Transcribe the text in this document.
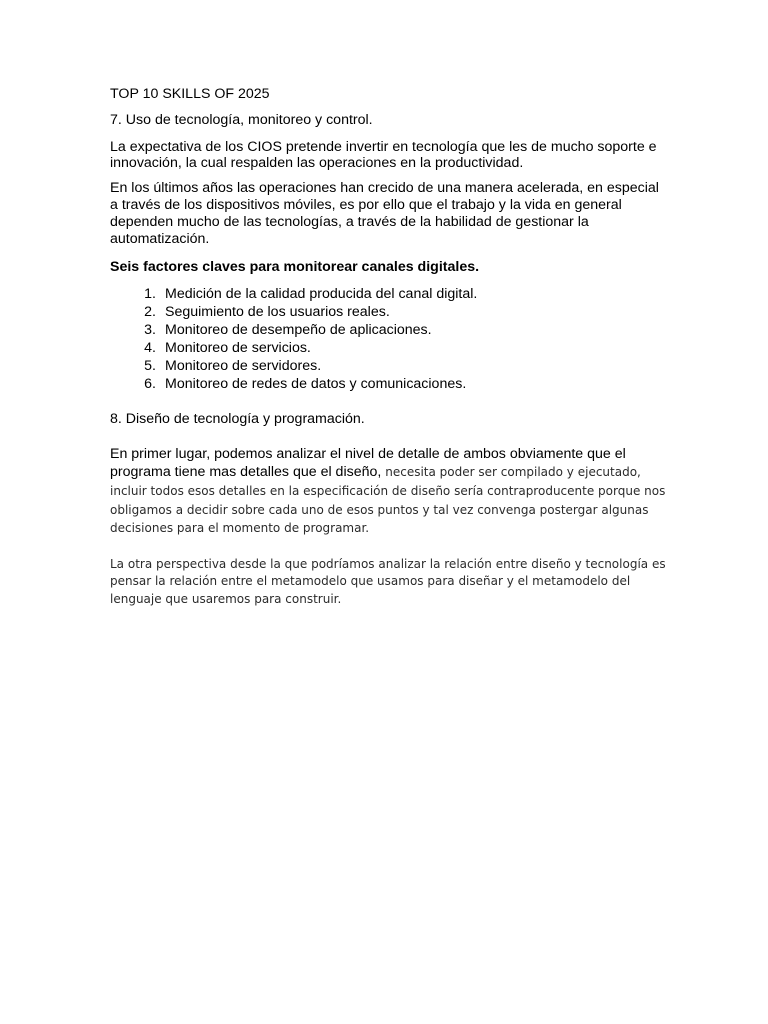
TOP 10 SKILLS OF 2025

7. Uso de tecnología, monitoreo y control.

La expectativa de los CIOS pretende invertir en tecnología que les de mucho soporte e innovación, la cual respalden las operaciones en la productividad.

En los últimos años las operaciones han crecido de una manera acelerada, en especial a través de los dispositivos móviles, es por ello que el trabajo y la vida en general dependen mucho de las tecnologías, a través de la habilidad de gestionar la automatización.

Seis factores claves para monitorear canales digitales.

1. Medición de la calidad producida del canal digital.
2. Seguimiento de los usuarios reales.
3. Monitoreo de desempeño de aplicaciones.
4. Monitoreo de servicios.
5. Monitoreo de servidores.
6. Monitoreo de redes de datos y comunicaciones.

8. Diseño de tecnología y programación.

En primer lugar, podemos analizar el nivel de detalle de ambos obviamente que el programa tiene mas detalles que el diseño, necesita poder ser compilado y ejecutado, incluir todos esos detalles en la especificación de diseño sería contraproducente porque nos obligamos a decidir sobre cada uno de esos puntos y tal vez convenga postergar algunas decisiones para el momento de programar.

La otra perspectiva desde la que podríamos analizar la relación entre diseño y tecnología es pensar la relación entre el metamodelo que usamos para diseñar y el metamodelo del lenguaje que usaremos para construir.
